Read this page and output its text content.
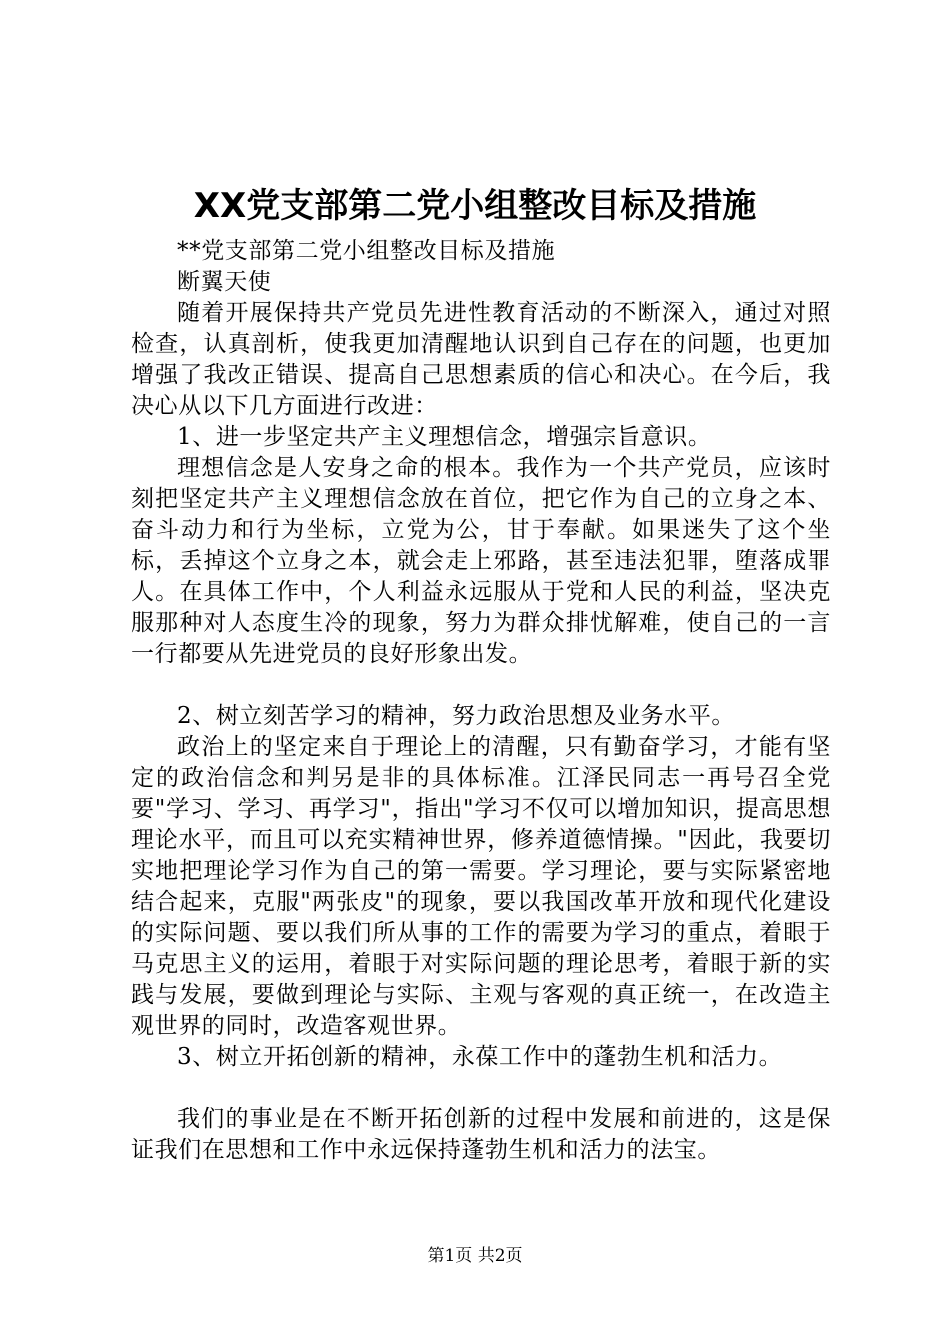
XX党支部第二党小组整改目标及措施

**党支部第二党小组整改目标及措施

断翼天使

随着开展保持共产党员先进性教育活动的不断深入，通过对照检查，认真剖析，使我更加清醒地认识到自己存在的问题，也更加增强了我改正错误、提高自己思想素质的信心和决心。在今后，我决心从以下几方面进行改进：

1、进一步坚定共产主义理想信念，增强宗旨意识。

理想信念是人安身之命的根本。我作为一个共产党员，应该时刻把坚定共产主义理想信念放在首位，把它作为自己的立身之本、奋斗动力和行为坐标，立党为公，甘于奉献。如果迷失了这个坐标，丢掉这个立身之本，就会走上邪路，甚至违法犯罪，堕落成罪人。在具体工作中，个人利益永远服从于党和人民的利益，坚决克服那种对人态度生冷的现象，努力为群众排忧解难，使自己的一言一行都要从先进党员的良好形象出发。

2、树立刻苦学习的精神，努力政治思想及业务水平。

政治上的坚定来自于理论上的清醒，只有勤奋学习，才能有坚定的政治信念和判另是非的具体标准。江泽民同志一再号召全党要"学习、学习、再学习"，指出"学习不仅可以增加知识，提高思想理论水平，而且可以充实精神世界，修养道德情操。"因此，我要切实地把理论学习作为自己的第一需要。学习理论，要与实际紧密地结合起来，克服"两张皮"的现象，要以我国改革开放和现代化建设的实际问题、要以我们所从事的工作的需要为学习的重点，着眼于马克思主义的运用，着眼于对实际问题的理论思考，着眼于新的实践与发展，要做到理论与实际、主观与客观的真正统一，在改造主观世界的同时，改造客观世界。

3、树立开拓创新的精神，永葆工作中的蓬勃生机和活力。

我们的事业是在不断开拓创新的过程中发展和前进的，这是保证我们在思想和工作中永远保持蓬勃生机和活力的法宝。

第1页 共2页
